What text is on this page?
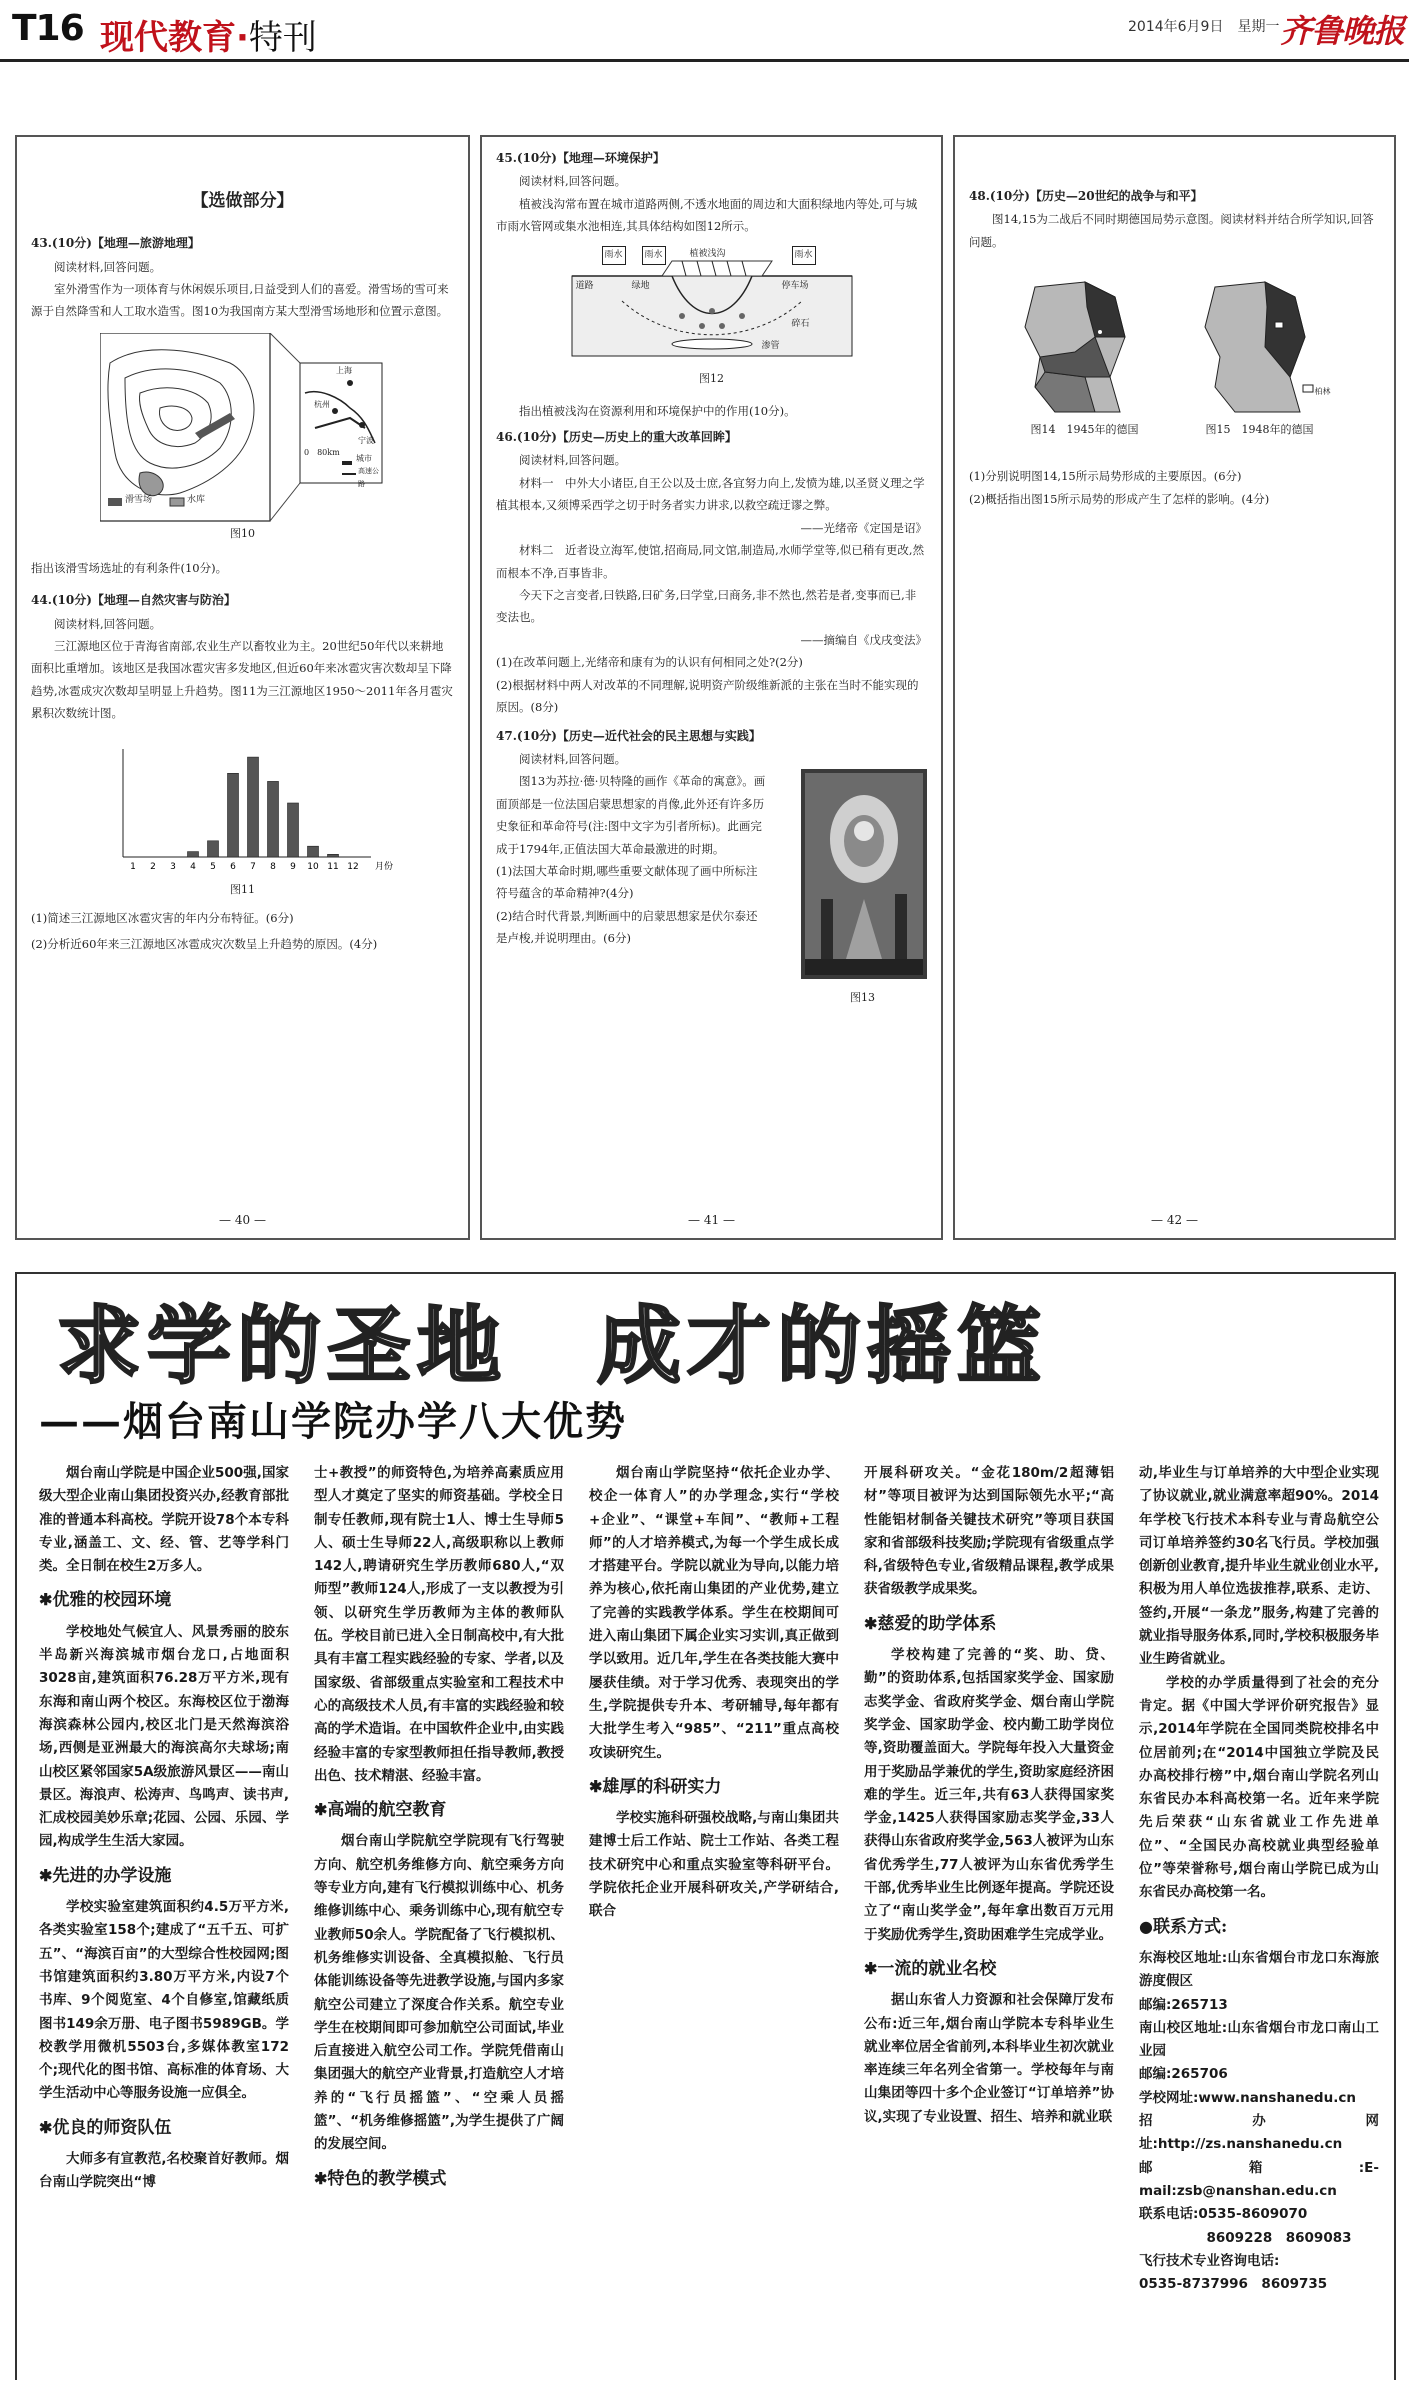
T16 现代教育·特刊	2014年6月9日　星期一 齐鲁晚报
【选做部分】
43.(10分)【地理—旅游地理】

阅读材料,回答问题。

室外滑雪作为一项体育与休闲娱乐项目,日益受到人们的喜爱。滑雪场的雪可来源于自然降雪和人工取水造雪。图10为我国南方某大型滑雪场地形和位置示意图。

滑雪场	水库
上海
杭州
宁波
0　80km
城市
高速公路
图10

指出该滑雪场选址的有利条件(10分)。

44.(10分)【地理—自然灾害与防治】

阅读材料,回答问题。

三江源地区位于青海省南部,农业生产以畜牧业为主。20世纪50年代以来耕地面积比重增加。该地区是我国冰雹灾害多发地区,但近60年来冰雹灾害次数却呈下降趋势,冰雹成灾次数却呈明显上升趋势。图11为三江源地区1950～2011年各月雹灾累积次数统计图。

1 2 3 4 5 6 7 8 9 10 11 12 月份
图11

(1)简述三江源地区冰雹灾害的年内分布特征。(6分)

(2)分析近60年来三江源地区冰雹成灾次数呈上升趋势的原因。(4分)

— 40 —
45.(10分)【地理—环境保护】

阅读材料,回答问题。

植被浅沟常布置在城市道路两侧,不透水地面的周边和大面积绿地内等处,可与城市雨水管网或集水池相连,其具体结构如图12所示。

雨水	雨水	植被浅沟	雨水
道路	绿地	停车场
碎石
渗管
图12

指出植被浅沟在资源利用和环境保护中的作用(10分)。

46.(10分)【历史—历史上的重大改革回眸】

阅读材料,回答问题。

材料一　中外大小诸臣,自王公以及士庶,各宜努力向上,发愤为雄,以圣贤义理之学植其根本,又须博采西学之切于时务者实力讲求,以救空疏迂谬之弊。

——光绪帝《定国是诏》

材料二　近者设立海军,使馆,招商局,同文馆,制造局,水师学堂等,似已稍有更改,然而根本不净,百事皆非。

今天下之言变者,曰铁路,曰矿务,曰学堂,曰商务,非不然也,然若是者,变事而已,非变法也。

——摘编自《戊戌变法》

(1)在改革问题上,光绪帝和康有为的认识有何相同之处?(2分)

(2)根据材料中两人对改革的不同理解,说明资产阶级维新派的主张在当时不能实现的原因。(8分)

47.(10分)【历史—近代社会的民主思想与实践】

阅读材料,回答问题。

图13为苏拉·德·贝特隆的画作《革命的寓意》。画面顶部是一位法国启蒙思想家的肖像,此外还有许多历史象征和革命符号(注:图中文字为引者所标)。此画完成于1794年,正值法国大革命最激进的时期。

(1)法国大革命时期,哪些重要文献体现了画中所标注符号蕴含的革命精神?(4分)

(2)结合时代背景,判断画中的启蒙思想家是伏尔泰还是卢梭,并说明理由。(6分)

图13
— 41 —
48.(10分)【历史—20世纪的战争与和平】

图14,15为二战后不同时期德国局势示意图。阅读材料并结合所学知识,回答问题。

柏林
图14　1945年的德国	图15　1948年的德国

(1)分别说明图14,15所示局势形成的主要原因。(6分)

(2)概括指出图15所示局势的形成产生了怎样的影响。(4分)

— 42 —
求学的圣地　成才的摇篮
——烟台南山学院办学八大优势

烟台南山学院是中国企业500强,国家级大型企业南山集团投资兴办,经教育部批准的普通本科高校。学院开设78个本专科专业,涵盖工、文、经、管、艺等学科门类。全日制在校生2万多人。

✱优雅的校园环境

学校地处气候宜人、风景秀丽的胶东半岛新兴海滨城市烟台龙口,占地面积3028亩,建筑面积76.28万平方米,现有东海和南山两个校区。东海校区位于渤海海滨森林公园内,校区北门是天然海滨浴场,西侧是亚洲最大的海滨高尔夫球场;南山校区紧邻国家5A级旅游风景区——南山景区。海浪声、松涛声、鸟鸣声、读书声,汇成校园美妙乐章;花园、公园、乐园、学园,构成学生生活大家园。

✱先进的办学设施

学校实验室建筑面积约4.5万平方米,各类实验室158个;建成了“五千五、可扩五”、“海滨百亩”的大型综合性校园网;图书馆建筑面积约3.80万平方米,内设7个书库、9个阅览室、4个自修室,馆藏纸质图书149余万册、电子图书5989GB。学校教学用微机5503台,多媒体教室172个;现代化的图书馆、高标准的体育场、大学生活动中心等服务设施一应俱全。

✱优良的师资队伍

大师多有宣教范,名校聚首好教师。烟台南山学院突出“博

士+教授”的师资特色,为培养高素质应用型人才奠定了坚实的师资基础。学校全日制专任教师,现有院士1人、博士生导师5人、硕士生导师22人,高级职称以上教师142人,聘请研究生学历教师680人,“双师型”教师124人,形成了一支以教授为引领、以研究生学历教师为主体的教师队伍。学校目前已进入全日制高校中,有大批具有丰富工程实践经验的专家、学者,以及国家级、省部级重点实验室和工程技术中心的高级技术人员,有丰富的实践经验和较高的学术造诣。在中国软件企业中,由实践经验丰富的专家型教师担任指导教师,教授出色、技术精湛、经验丰富。

✱高端的航空教育

烟台南山学院航空学院现有飞行驾驶方向、航空机务维修方向、航空乘务方向等专业方向,建有飞行模拟训练中心、机务维修训练中心、乘务训练中心,现有航空专业教师50余人。学院配备了飞行模拟机、机务维修实训设备、全真模拟舱、飞行员体能训练设备等先进教学设施,与国内多家航空公司建立了深度合作关系。航空专业学生在校期间即可参加航空公司面试,毕业后直接进入航空公司工作。学院凭借南山集团强大的航空产业背景,打造航空人才培养的“飞行员摇篮”、“空乘人员摇篮”、“机务维修摇篮”,为学生提供了广阔的发展空间。

✱特色的教学模式

烟台南山学院坚持“依托企业办学、校企一体育人”的办学理念,实行“学校+企业”、“课堂+车间”、“教师+工程师”的人才培养模式,为每一个学生成长成才搭建平台。学院以就业为导向,以能力培养为核心,依托南山集团的产业优势,建立了完善的实践教学体系。学生在校期间可进入南山集团下属企业实习实训,真正做到学以致用。近几年,学生在各类技能大赛中屡获佳绩。对于学习优秀、表现突出的学生,学院提供专升本、考研辅导,每年都有大批学生考入“985”、“211”重点高校攻读研究生。

✱雄厚的科研实力

学校实施科研强校战略,与南山集团共建博士后工作站、院士工作站、各类工程技术研究中心和重点实验室等科研平台。学院依托企业开展科研攻关,产学研结合,联合

开展科研攻关。“金花180m/2超薄铝材”等项目被评为达到国际领先水平;“高性能铝材制备关键技术研究”等项目获国家和省部级科技奖励;学院现有省级重点学科,省级特色专业,省级精品课程,教学成果获省级教学成果奖。

✱慈爱的助学体系

学校构建了完善的“奖、助、贷、勤”的资助体系,包括国家奖学金、国家励志奖学金、省政府奖学金、烟台南山学院奖学金、国家助学金、校内勤工助学岗位等,资助覆盖面大。学院每年投入大量资金用于奖励品学兼优的学生,资助家庭经济困难的学生。近三年,共有63人获得国家奖学金,1425人获得国家励志奖学金,33人获得山东省政府奖学金,563人被评为山东省优秀学生,77人被评为山东省优秀学生干部,优秀毕业生比例逐年提高。学院还设立了“南山奖学金”,每年拿出数百万元用于奖励优秀学生,资助困难学生完成学业。

✱一流的就业名校

据山东省人力资源和社会保障厅发布公布:近三年,烟台南山学院本专科毕业生就业率位居全省前列,本科毕业生初次就业率连续三年名列全省第一。学校每年与南山集团等四十多个企业签订“订单培养”协议,实现了专业设置、招生、培养和就业联

动,毕业生与订单培养的大中型企业实现了协议就业,就业满意率超90%。2014年学校飞行技术本科专业与青岛航空公司订单培养签约30名飞行员。学校加强创新创业教育,提升毕业生就业创业水平,积极为用人单位选拔推荐,联系、走访、签约,开展“一条龙”服务,构建了完善的就业指导服务体系,同时,学校积极服务毕业生跨省就业。

学校的办学质量得到了社会的充分肯定。据《中国大学评价研究报告》显示,2014年学院在全国同类院校排名中位居前列;在“2014中国独立学院及民办高校排行榜”中,烟台南山学院名列山东省民办本科高校第一名。近年来学院先后荣获“山东省就业工作先进单位”、“全国民办高校就业典型经验单位”等荣誉称号,烟台南山学院已成为山东省民办高校第一名。

●联系方式:
东海校区地址:山东省烟台市龙口东海旅游度假区
邮编:265713
南山校区地址:山东省烟台市龙口南山工业园
邮编:265706
学校网址:www.nanshanedu.cn
招办网址:http://zs.nanshanedu.cn
邮箱:E-mail:zsb@nanshan.edu.cn
联系电话:0535-8609070
8609228　8609083
飞行技术专业咨询电话:
0535-8737996　8609735
